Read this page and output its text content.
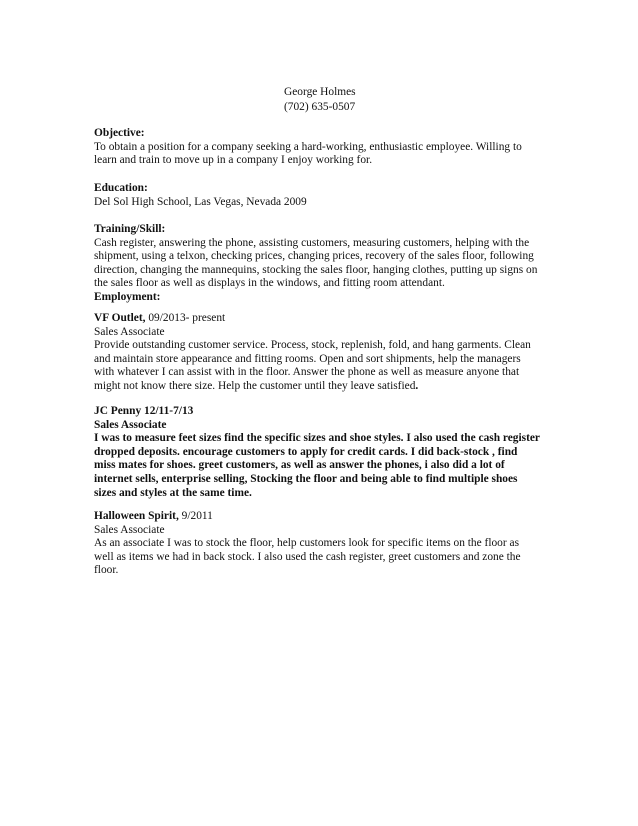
George Holmes
(702) 635-0507
Objective:
To obtain a position for a company seeking a hard-working, enthusiastic employee. Willing to
learn and train to move up in a company I enjoy working for.
Education:
Del Sol High School, Las Vegas, Nevada 2009
Training/Skill:
Cash register, answering the phone, assisting customers, measuring customers, helping with the
shipment, using a telxon, checking prices, changing prices, recovery of the sales floor, following
direction, changing the mannequins, stocking the sales floor, hanging clothes, putting up signs on
the sales floor as well as displays in the windows, and fitting room attendant.
Employment:
VF Outlet, 09/2013- present
Sales Associate
Provide outstanding customer service. Process, stock, replenish, fold, and hang garments. Clean
and maintain store appearance and fitting rooms. Open and sort shipments, help the managers
with whatever I can assist with in the floor. Answer the phone as well as measure anyone that
might not know there size. Help the customer until they leave satisfied.
JC Penny 12/11-7/13
Sales Associate
I was to measure feet sizes find the specific sizes and shoe styles. I also used the cash register
dropped deposits. encourage customers to apply for credit cards. I did back-stock , find
miss mates for shoes. greet customers, as well as answer the phones, i also did a lot of
internet sells, enterprise selling, Stocking the floor and being able to find multiple shoes
sizes and styles at the same time.
Halloween Spirit, 9/2011
Sales Associate
As an associate I was to stock the floor, help customers look for specific items on the floor as
well as items we had in back stock. I also used the cash register, greet customers and zone the
floor.
